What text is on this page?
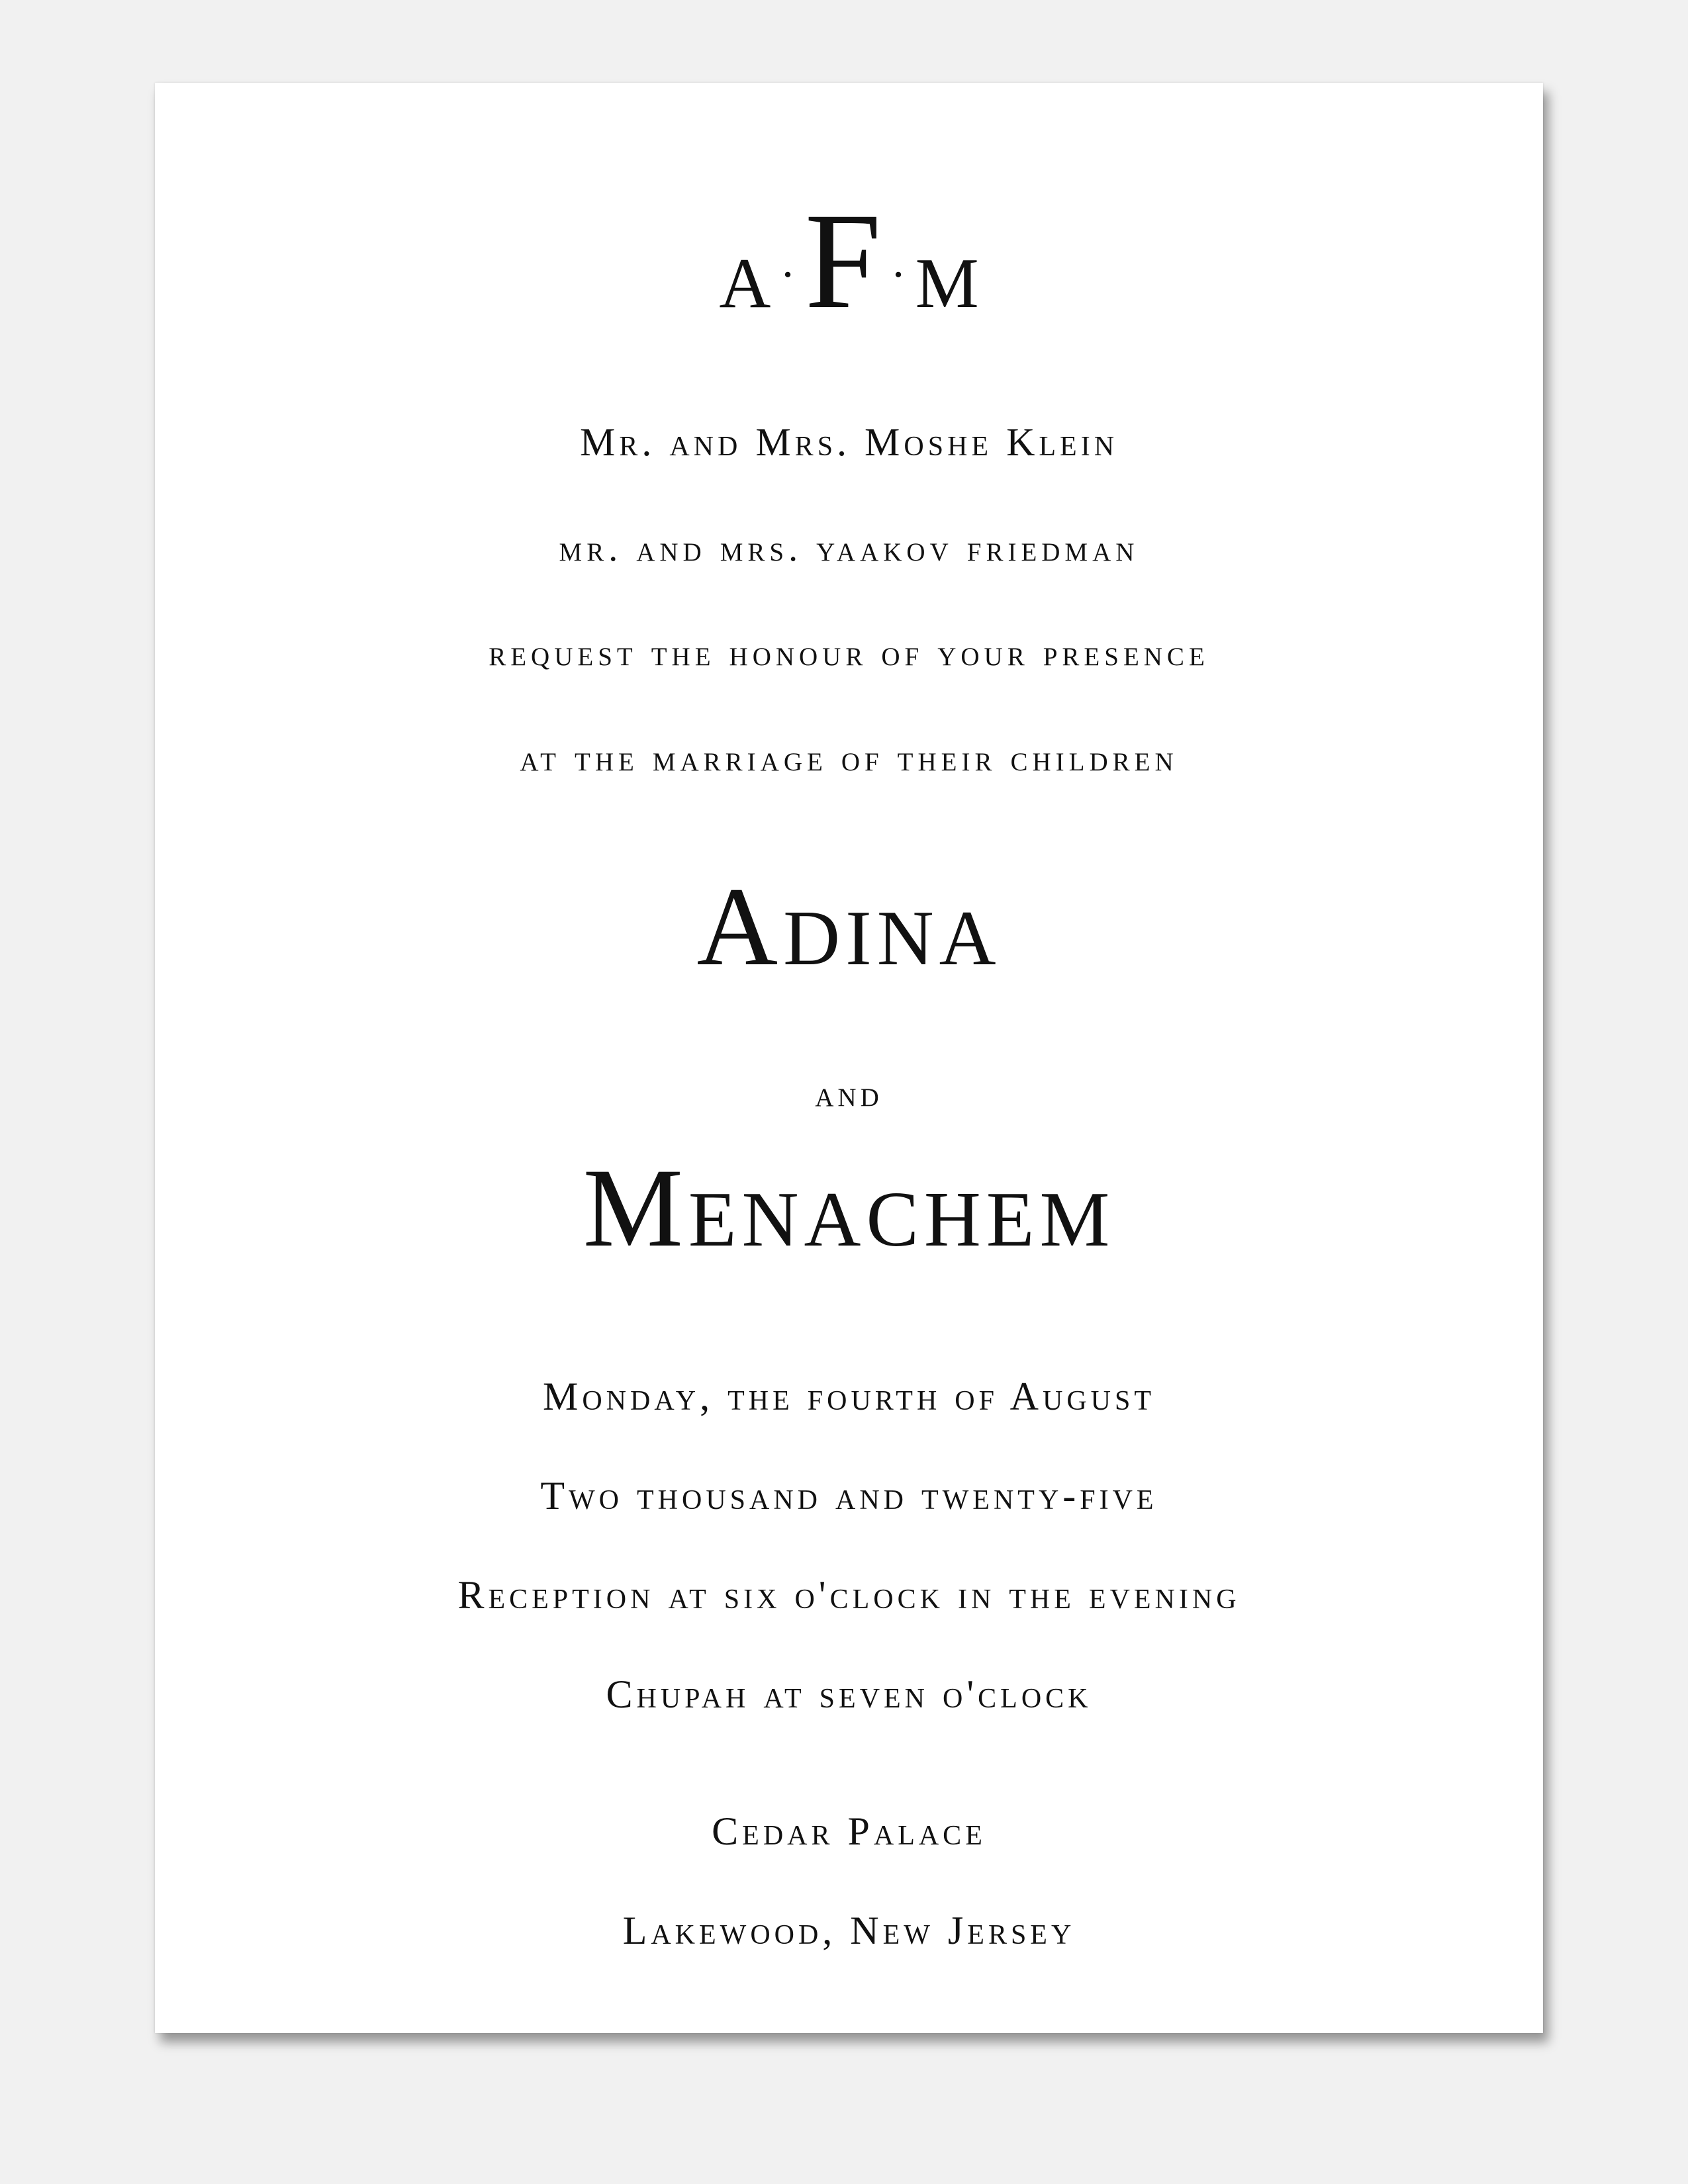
A ·F · M
Mr. and Mrs. Moshe Klein
mr. and mrs. yaakov friedman
request the honour of your presence
at the marriage of their children
Adina
and
Menachem
Monday, the fourth of August
Two thousand and twenty-five
Reception at six o'clock in the evening
Chupah at seven o'clock
Cedar Palace
Lakewood, New Jersey
